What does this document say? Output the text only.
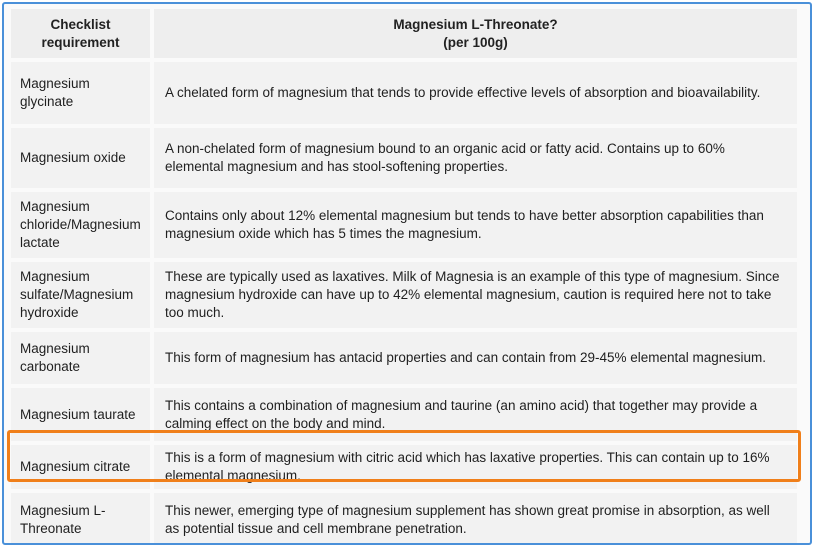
Checklist
requirement	Magnesium L-Threonate?
(per 100g)
Magnesium glycinate	A chelated form of magnesium that tends to provide effective levels of absorption and bioavailability.
Magnesium oxide	A non-chelated form of magnesium bound to an organic acid or fatty acid. Contains up to 60% elemental magnesium and has stool-softening properties.
Magnesium chloride/Magnesium lactate	Contains only about 12% elemental magnesium but tends to have better absorption capabilities than magnesium oxide which has 5 times the magnesium.
Magnesium sulfate/Magnesium hydroxide	These are typically used as laxatives. Milk of Magnesia is an example of this type of magnesium. Since magnesium hydroxide can have up to 42% elemental magnesium, caution is required here not to take too much.
Magnesium carbonate	This form of magnesium has antacid properties and can contain from 29-45% elemental magnesium.
Magnesium taurate	This contains a combination of magnesium and taurine (an amino acid) that together may provide a calming effect on the body and mind.
Magnesium citrate	This is a form of magnesium with citric acid which has laxative properties. This can contain up to 16% elemental magnesium.
Magnesium L-Threonate	This newer, emerging type of magnesium supplement has shown great promise in absorption, as well as potential tissue and cell membrane penetration.
